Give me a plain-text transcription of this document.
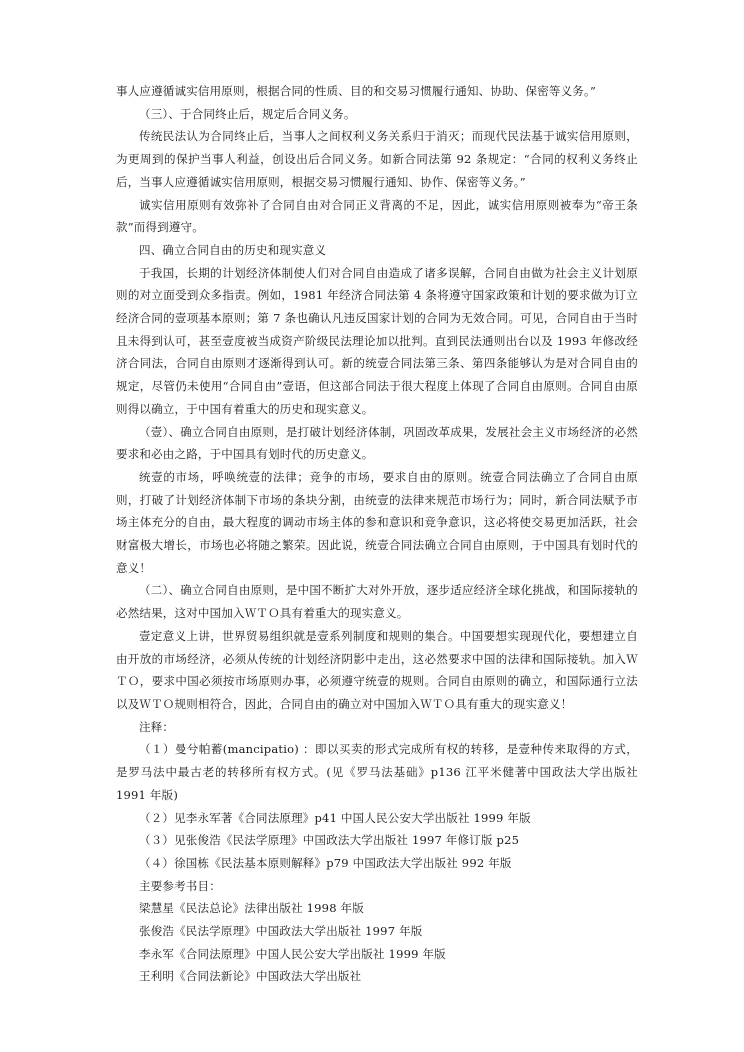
事人应遵循诚实信用原则，根据合同的性质、目的和交易习惯履行通知、协助、保密等义务。”

（三）、于合同终止后，规定后合同义务。

传统民法认为合同终止后，当事人之间权利义务关系归于消灭；而现代民法基于诚实信用原则，为更周到的保护当事人利益，创设出后合同义务。如新合同法第 92 条规定：“合同的权利义务终止后，当事人应遵循诚实信用原则，根据交易习惯履行通知、协作、保密等义务。”

诚实信用原则有效弥补了合同自由对合同正义背离的不足，因此，诚实信用原则被奉为“帝王条款”而得到遵守。

四、确立合同自由的历史和现实意义

于我国，长期的计划经济体制使人们对合同自由造成了诸多误解，合同自由做为社会主义计划原则的对立面受到众多指责。例如，1981 年经济合同法第 4 条将遵守国家政策和计划的要求做为订立经济合同的壹项基本原则；第 7 条也确认凡违反国家计划的合同为无效合同。可见，合同自由于当时且未得到认可，甚至壹度被当成资产阶级民法理论加以批判。直到民法通则出台以及 1993 年修改经济合同法，合同自由原则才逐渐得到认可。新的统壹合同法第三条、第四条能够认为是对合同自由的规定，尽管仍未使用“合同自由”壹语，但这部合同法于很大程度上体现了合同自由原则。合同自由原则得以确立，于中国有着重大的历史和现实意义。

（壹）、确立合同自由原则，是打破计划经济体制，巩固改革成果，发展社会主义市场经济的必然要求和必由之路，于中国具有划时代的历史意义。

统壹的市场，呼唤统壹的法律；竞争的市场，要求自由的原则。统壹合同法确立了合同自由原则，打破了计划经济体制下市场的条块分割，由统壹的法律来规范市场行为；同时，新合同法赋予市场主体充分的自由，最大程度的调动市场主体的参和意识和竞争意识，这必将使交易更加活跃，社会财富极大增长，市场也必将随之繁荣。因此说，统壹合同法确立合同自由原则，于中国具有划时代的意义！

（二）、确立合同自由原则，是中国不断扩大对外开放，逐步适应经济全球化挑战，和国际接轨的必然结果，这对中国加入ＷＴＯ具有着重大的现实意义。

壹定意义上讲，世界贸易组织就是壹系列制度和规则的集合。中国要想实现现代化，要想建立自由开放的市场经济，必须从传统的计划经济阴影中走出，这必然要求中国的法律和国际接轨。加入ＷＴＯ，要求中国必须按市场原则办事，必须遵守统壹的规则。合同自由原则的确立，和国际通行立法以及ＷＴＯ规则相符合，因此，合同自由的确立对中国加入ＷＴＯ具有重大的现实意义！

注释：

（１）曼兮帕蓄(mancipatio) ：即以买卖的形式完成所有权的转移，是壹种传来取得的方式，是罗马法中最古老的转移所有权方式。(见《罗马法基础》p136 江平米健著中国政法大学出版社 1991 年版)

（２）见李永军著《合同法原理》p41 中国人民公安大学出版社 1999 年版

（３）见张俊浩《民法学原理》中国政法大学出版社 1997 年修订版 p25

（４）徐国栋《民法基本原则解释》p79 中国政法大学出版社 992 年版

主要参考书目：

梁慧星《民法总论》法律出版社 1998 年版

张俊浩《民法学原理》中国政法大学出版社 1997 年版

李永军《合同法原理》中国人民公安大学出版社 1999 年版

王利明《合同法新论》中国政法大学出版社
